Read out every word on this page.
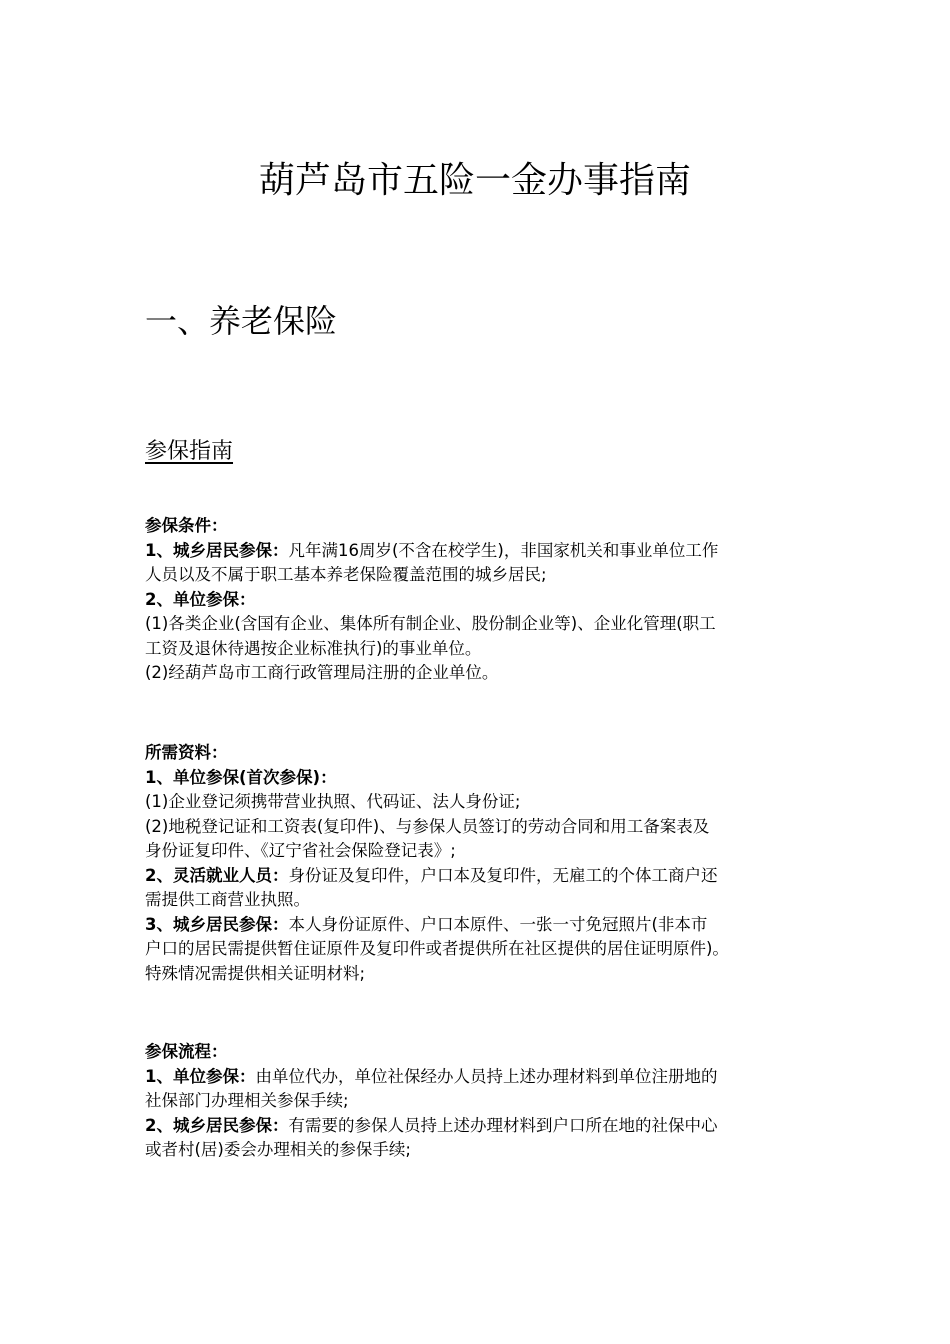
葫芦岛市五险一金办事指南
一、养老保险
参保指南
参保条件：
1、城乡居民参保：凡年满16周岁(不含在校学生)，非国家机关和事业单位工作
人员以及不属于职工基本养老保险覆盖范围的城乡居民;
2、单位参保：
(1)各类企业(含国有企业、集体所有制企业、股份制企业等)、企业化管理(职工
工资及退休待遇按企业标准执行)的事业单位。
(2)经葫芦岛市工商行政管理局注册的企业单位。
所需资料：
1、单位参保(首次参保)：
(1)企业登记须携带营业执照、代码证、法人身份证;
(2)地税登记证和工资表(复印件)、与参保人员签订的劳动合同和用工备案表及
身份证复印件、《辽宁省社会保险登记表》;
2、灵活就业人员：身份证及复印件，户口本及复印件，无雇工的个体工商户还
需提供工商营业执照。
3、城乡居民参保：本人身份证原件、户口本原件、一张一寸免冠照片(非本市
户口的居民需提供暂住证原件及复印件或者提供所在社区提供的居住证明原件)。
特殊情况需提供相关证明材料;
参保流程：
1、单位参保：由单位代办，单位社保经办人员持上述办理材料到单位注册地的
社保部门办理相关参保手续;
2、城乡居民参保：有需要的参保人员持上述办理材料到户口所在地的社保中心
或者村(居)委会办理相关的参保手续;
